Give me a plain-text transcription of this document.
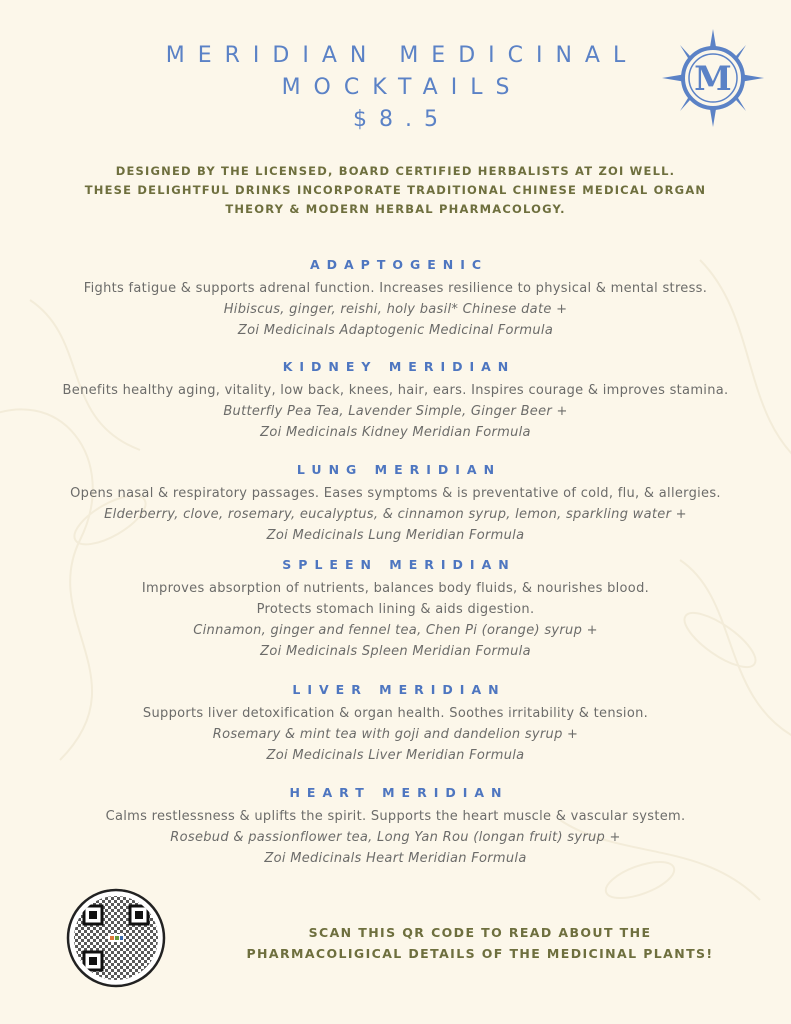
MERIDIAN MEDICINAL
MOCKTAILS
$8.5
M
DESIGNED BY THE LICENSED, BOARD CERTIFIED HERBALISTS AT ZOI WELL.
THESE DELIGHTFUL DRINKS INCORPORATE TRADITIONAL CHINESE MEDICAL ORGAN
THEORY & MODERN HERBAL PHARMACOLOGY.
ADAPTOGENIC
Fights fatigue & supports adrenal function. Increases resilience to physical & mental stress.
Hibiscus, ginger, reishi, holy basil* Chinese date +
Zoi Medicinals Adaptogenic Medicinal Formula
KIDNEY MERIDIAN
Benefits healthy aging, vitality, low back, knees, hair, ears. Inspires courage & improves stamina.
Butterfly Pea Tea, Lavender Simple, Ginger Beer +
Zoi Medicinals Kidney Meridian Formula
LUNG MERIDIAN
Opens nasal & respiratory passages. Eases symptoms & is preventative of cold, flu, & allergies.
Elderberry, clove, rosemary, eucalyptus, & cinnamon syrup, lemon, sparkling water +
Zoi Medicinals Lung Meridian Formula
SPLEEN MERIDIAN
Improves absorption of nutrients, balances body fluids, & nourishes blood.
Protects stomach lining & aids digestion.
Cinnamon, ginger and fennel tea, Chen Pi (orange) syrup +
Zoi Medicinals Spleen Meridian Formula
LIVER MERIDIAN
Supports liver detoxification & organ health. Soothes irritability & tension.
Rosemary & mint tea with goji and dandelion syrup +
Zoi Medicinals Liver Meridian Formula
HEART MERIDIAN
Calms restlessness & uplifts the spirit. Supports the heart muscle & vascular system.
Rosebud & passionflower tea, Long Yan Rou (longan fruit) syrup +
Zoi Medicinals Heart Meridian Formula
SCAN THIS QR CODE TO READ ABOUT THE
PHARMACOLIGICAL DETAILS OF THE MEDICINAL PLANTS!
